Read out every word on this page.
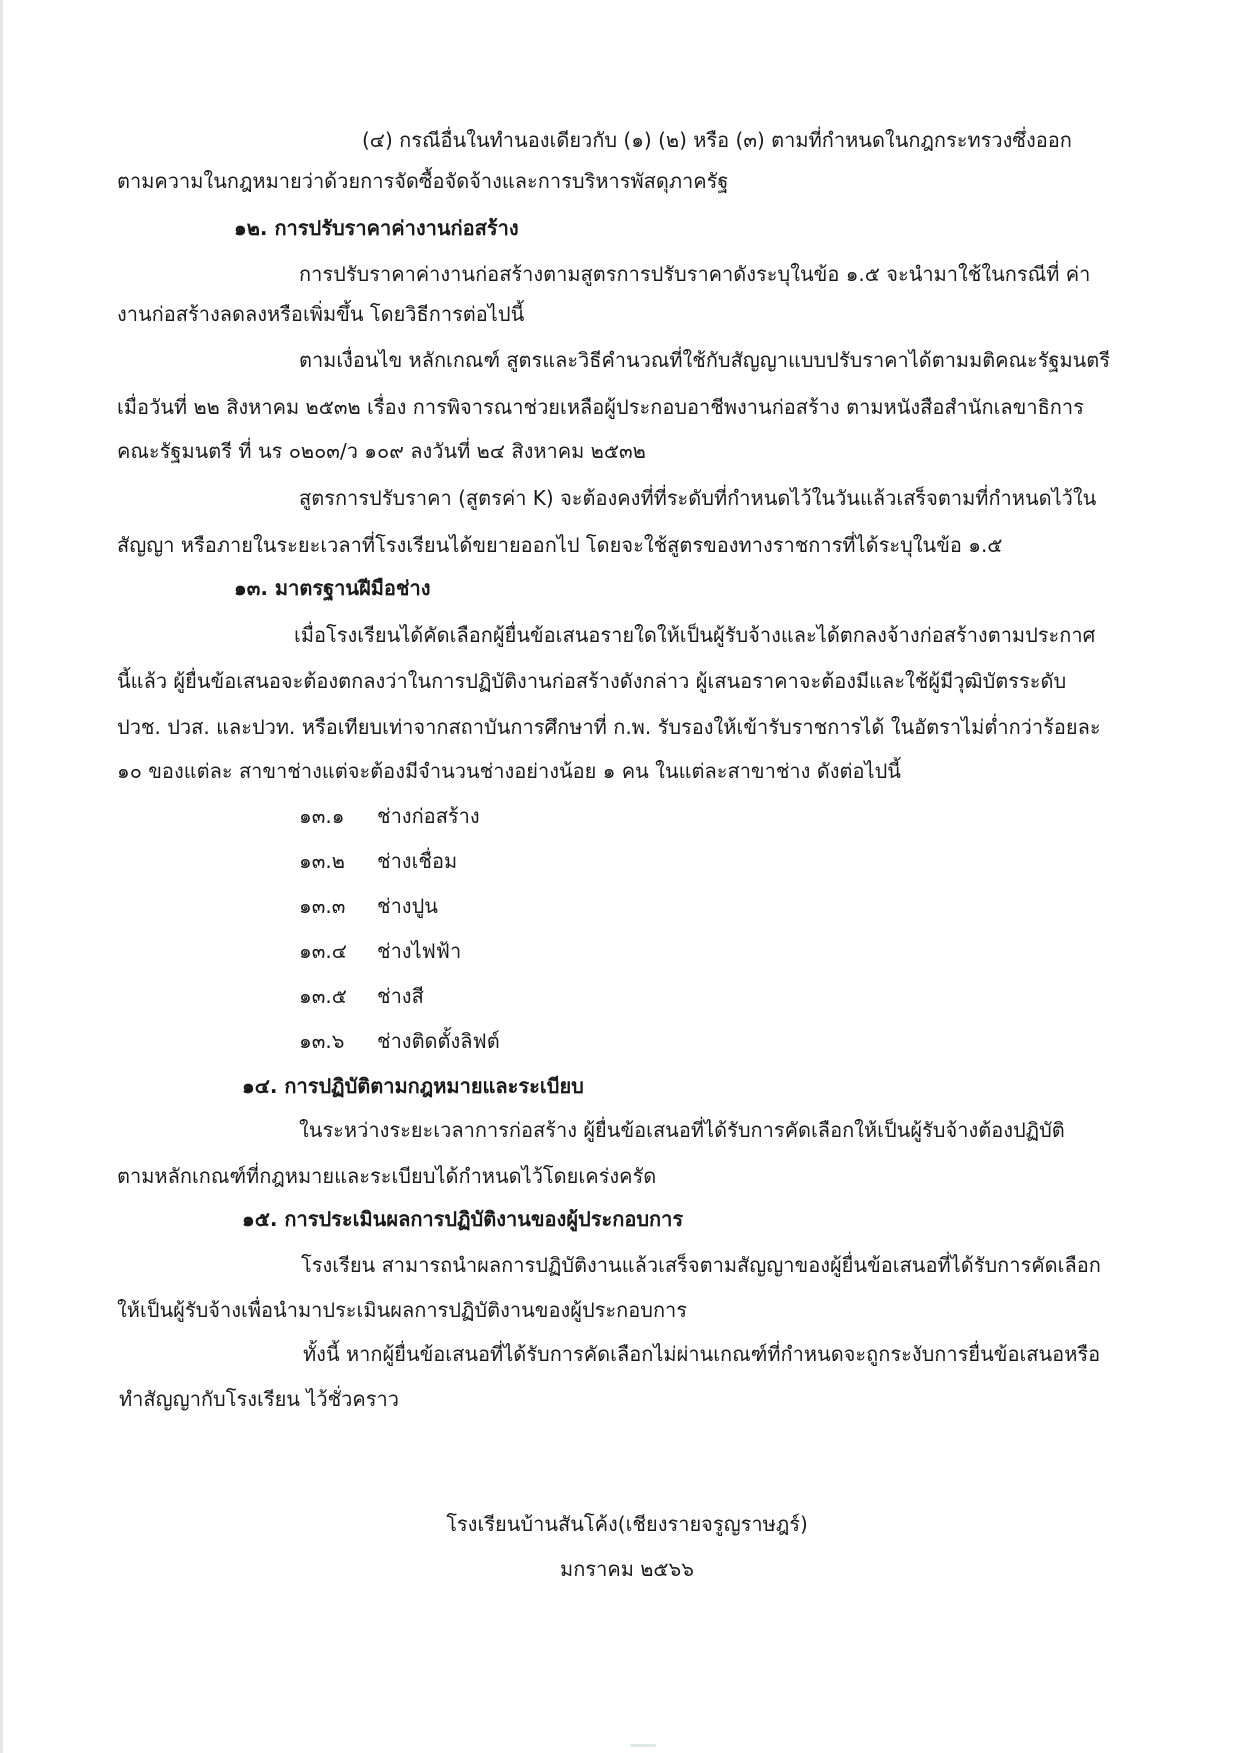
(๔) กรณีอื่นในทำนองเดียวกับ (๑) (๒) หรือ (๓) ตามที่กำหนดในกฎกระทรวงซึ่งออก
ตามความในกฎหมายว่าด้วยการจัดซื้อจัดจ้างและการบริหารพัสดุภาครัฐ
๑๒. การปรับราคาค่างานก่อสร้าง
การปรับราคาค่างานก่อสร้างตามสูตรการปรับราคาดังระบุในข้อ ๑.๕ จะนำมาใช้ในกรณีที่ ค่า
งานก่อสร้างลดลงหรือเพิ่มขึ้น โดยวิธีการต่อไปนี้
ตามเงื่อนไข หลักเกณฑ์ สูตรและวิธีคำนวณที่ใช้กับสัญญาแบบปรับราคาได้ตามมติคณะรัฐมนตรี
เมื่อวันที่ ๒๒ สิงหาคม ๒๕๓๒ เรื่อง การพิจารณาช่วยเหลือผู้ประกอบอาชีพงานก่อสร้าง ตามหนังสือสำนักเลขาธิการ
คณะรัฐมนตรี ที่ นร ๐๒๐๓/ว ๑๐๙ ลงวันที่ ๒๔ สิงหาคม ๒๕๓๒
สูตรการปรับราคา (สูตรค่า K) จะต้องคงที่ที่ระดับที่กำหนดไว้ในวันแล้วเสร็จตามที่กำหนดไว้ใน
สัญญา หรือภายในระยะเวลาที่โรงเรียนได้ขยายออกไป โดยจะใช้สูตรของทางราชการที่ได้ระบุในข้อ ๑.๕
๑๓. มาตรฐานฝีมือช่าง
เมื่อโรงเรียนได้คัดเลือกผู้ยื่นข้อเสนอรายใดให้เป็นผู้รับจ้างและได้ตกลงจ้างก่อสร้างตามประกาศ
นี้แล้ว ผู้ยื่นข้อเสนอจะต้องตกลงว่าในการปฏิบัติงานก่อสร้างดังกล่าว ผู้เสนอราคาจะต้องมีและใช้ผู้มีวุฒิบัตรระดับ
ปวช. ปวส. และปวท. หรือเทียบเท่าจากสถาบันการศึกษาที่ ก.พ. รับรองให้เข้ารับราชการได้ ในอัตราไม่ต่ำกว่าร้อยละ
๑๐ ของแต่ละ สาขาช่างแต่จะต้องมีจำนวนช่างอย่างน้อย ๑ คน ในแต่ละสาขาช่าง ดังต่อไปนี้
๑๓.๑ ช่างก่อสร้าง
๑๓.๒ ช่างเชื่อม
๑๓.๓ ช่างปูน
๑๓.๔ ช่างไฟฟ้า
๑๓.๕ ช่างสี
๑๓.๖ ช่างติดตั้งลิฟต์
๑๔. การปฏิบัติตามกฎหมายและระเบียบ
ในระหว่างระยะเวลาการก่อสร้าง ผู้ยื่นข้อเสนอที่ได้รับการคัดเลือกให้เป็นผู้รับจ้างต้องปฏิบัติ
ตามหลักเกณฑ์ที่กฎหมายและระเบียบได้กำหนดไว้โดยเคร่งครัด
๑๕. การประเมินผลการปฏิบัติงานของผู้ประกอบการ
โรงเรียน สามารถนำผลการปฏิบัติงานแล้วเสร็จตามสัญญาของผู้ยื่นข้อเสนอที่ได้รับการคัดเลือก
ให้เป็นผู้รับจ้างเพื่อนำมาประเมินผลการปฏิบัติงานของผู้ประกอบการ
ทั้งนี้ หากผู้ยื่นข้อเสนอที่ได้รับการคัดเลือกไม่ผ่านเกณฑ์ที่กำหนดจะถูกระงับการยื่นข้อเสนอหรือ
ทำสัญญากับโรงเรียน ไว้ชั่วคราว
โรงเรียนบ้านสันโค้ง(เชียงรายจรูญราษฎร์)
มกราคม ๒๕๖๖
